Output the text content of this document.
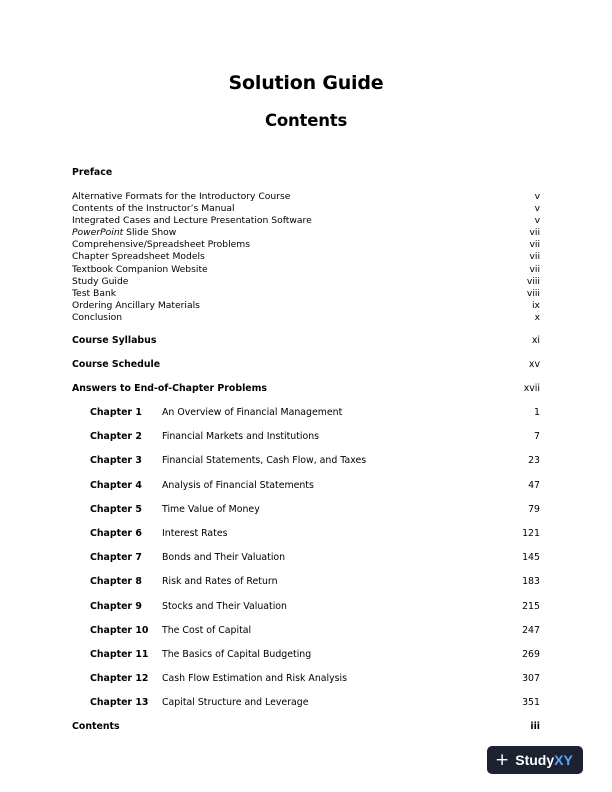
Solution Guide
Contents
Preface
Alternative Formats for the Introductory Course	v
Contents of the Instructor’s Manual	v
Integrated Cases and Lecture Presentation Software	v
PowerPoint Slide Show	vii
Comprehensive/Spreadsheet Problems	vii
Chapter Spreadsheet Models	vii
Textbook Companion Website	vii
Study Guide	viii
Test Bank	viii
Ordering Ancillary Materials	ix
Conclusion	x
Course Syllabus	xi
Course Schedule	xv
Answers to End-of-Chapter Problems	xvii
Chapter 1 An Overview of Financial Management	1
Chapter 2 Financial Markets and Institutions	7
Chapter 3 Financial Statements, Cash Flow, and Taxes	23
Chapter 4 Analysis of Financial Statements	47
Chapter 5 Time Value of Money	79
Chapter 6 Interest Rates	121
Chapter 7 Bonds and Their Valuation	145
Chapter 8 Risk and Rates of Return	183
Chapter 9 Stocks and Their Valuation	215
Chapter 10 The Cost of Capital	247
Chapter 11 The Basics of Capital Budgeting	269
Chapter 12 Cash Flow Estimation and Risk Analysis	307
Chapter 13 Capital Structure and Leverage	351
Contents	iii
+ StudyXY
